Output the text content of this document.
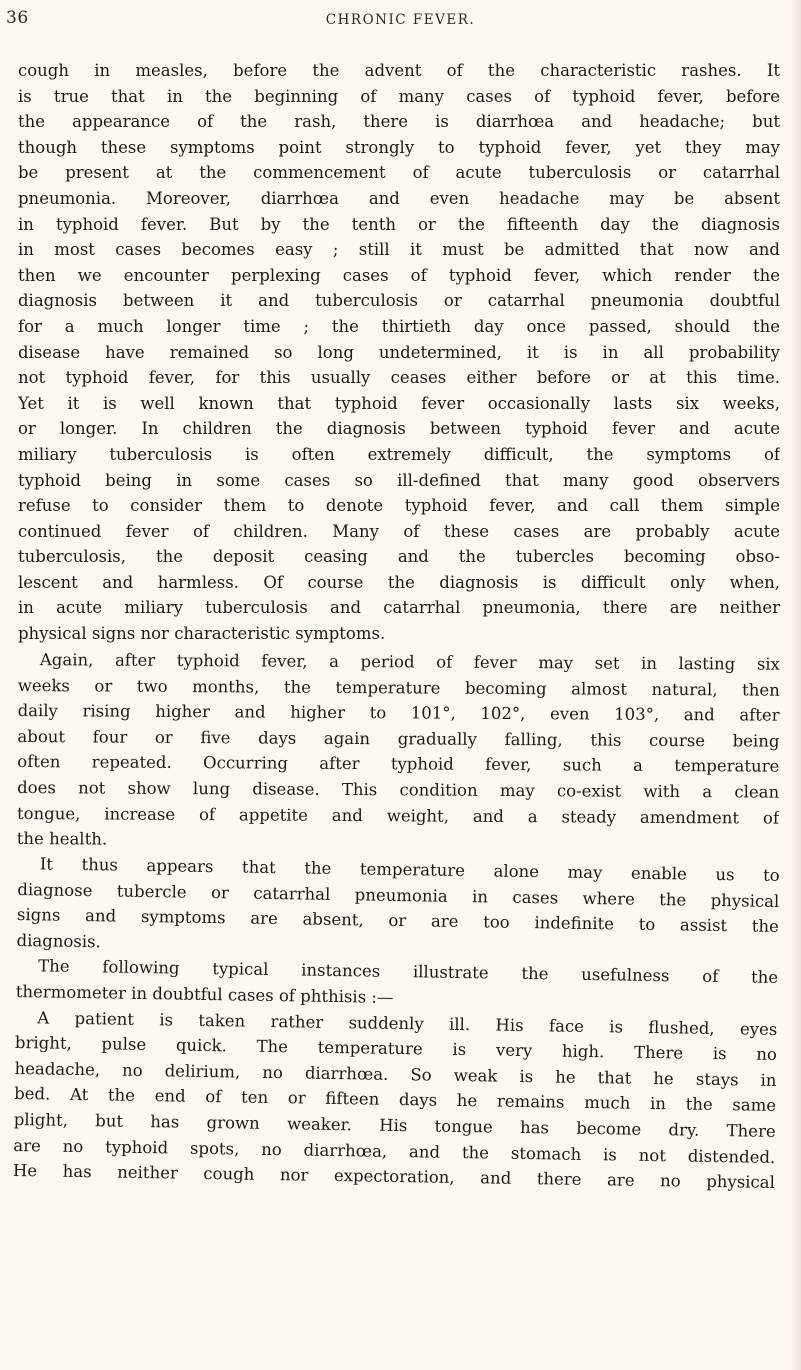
36	CHRONIC FEVER.
cough in measles, before the advent of the characteristic rashes. It
is true that in the beginning of many cases of typhoid fever, before
the appearance of the rash, there is diarrhœa and headache; but
though these symptoms point strongly to typhoid fever, yet they may
be present at the commencement of acute tuberculosis or catarrhal
pneumonia. Moreover, diarrhœa and even headache may be absent
in typhoid fever. But by the tenth or the fifteenth day the diagnosis
in most cases becomes easy ; still it must be admitted that now and
then we encounter perplexing cases of typhoid fever, which render the
diagnosis between it and tuberculosis or catarrhal pneumonia doubtful
for a much longer time ; the thirtieth day once passed, should the
disease have remained so long undetermined, it is in all probability
not typhoid fever, for this usually ceases either before or at this time.
Yet it is well known that typhoid fever occasionally lasts six weeks,
or longer. In children the diagnosis between typhoid fever and acute
miliary tuberculosis is often extremely difficult, the symptoms of
typhoid being in some cases so ill-defined that many good observers
refuse to consider them to denote typhoid fever, and call them simple
continued fever of children. Many of these cases are probably acute
tuberculosis, the deposit ceasing and the tubercles becoming obso-
lescent and harmless. Of course the diagnosis is difficult only when,
in acute miliary tuberculosis and catarrhal pneumonia, there are neither
physical signs nor characteristic symptoms.
Again, after typhoid fever, a period of fever may set in lasting six
weeks or two months, the temperature becoming almost natural, then
daily rising higher and higher to 101°, 102°, even 103°, and after
about four or five days again gradually falling, this course being
often repeated. Occurring after typhoid fever, such a temperature
does not show lung disease. This condition may co-exist with a clean
tongue, increase of appetite and weight, and a steady amendment of
the health.
It thus appears that the temperature alone may enable us to
diagnose tubercle or catarrhal pneumonia in cases where the physical
signs and symptoms are absent, or are too indefinite to assist the
diagnosis.
The following typical instances illustrate the usefulness of the
thermometer in doubtful cases of phthisis :—
A patient is taken rather suddenly ill. His face is flushed, eyes
bright, pulse quick. The temperature is very high. There is no
headache, no delirium, no diarrhœa. So weak is he that he stays in
bed. At the end of ten or fifteen days he remains much in the same
plight, but has grown weaker. His tongue has become dry. There
are no typhoid spots, no diarrhœa, and the stomach is not distended.
He has neither cough nor expectoration, and there are no physical
